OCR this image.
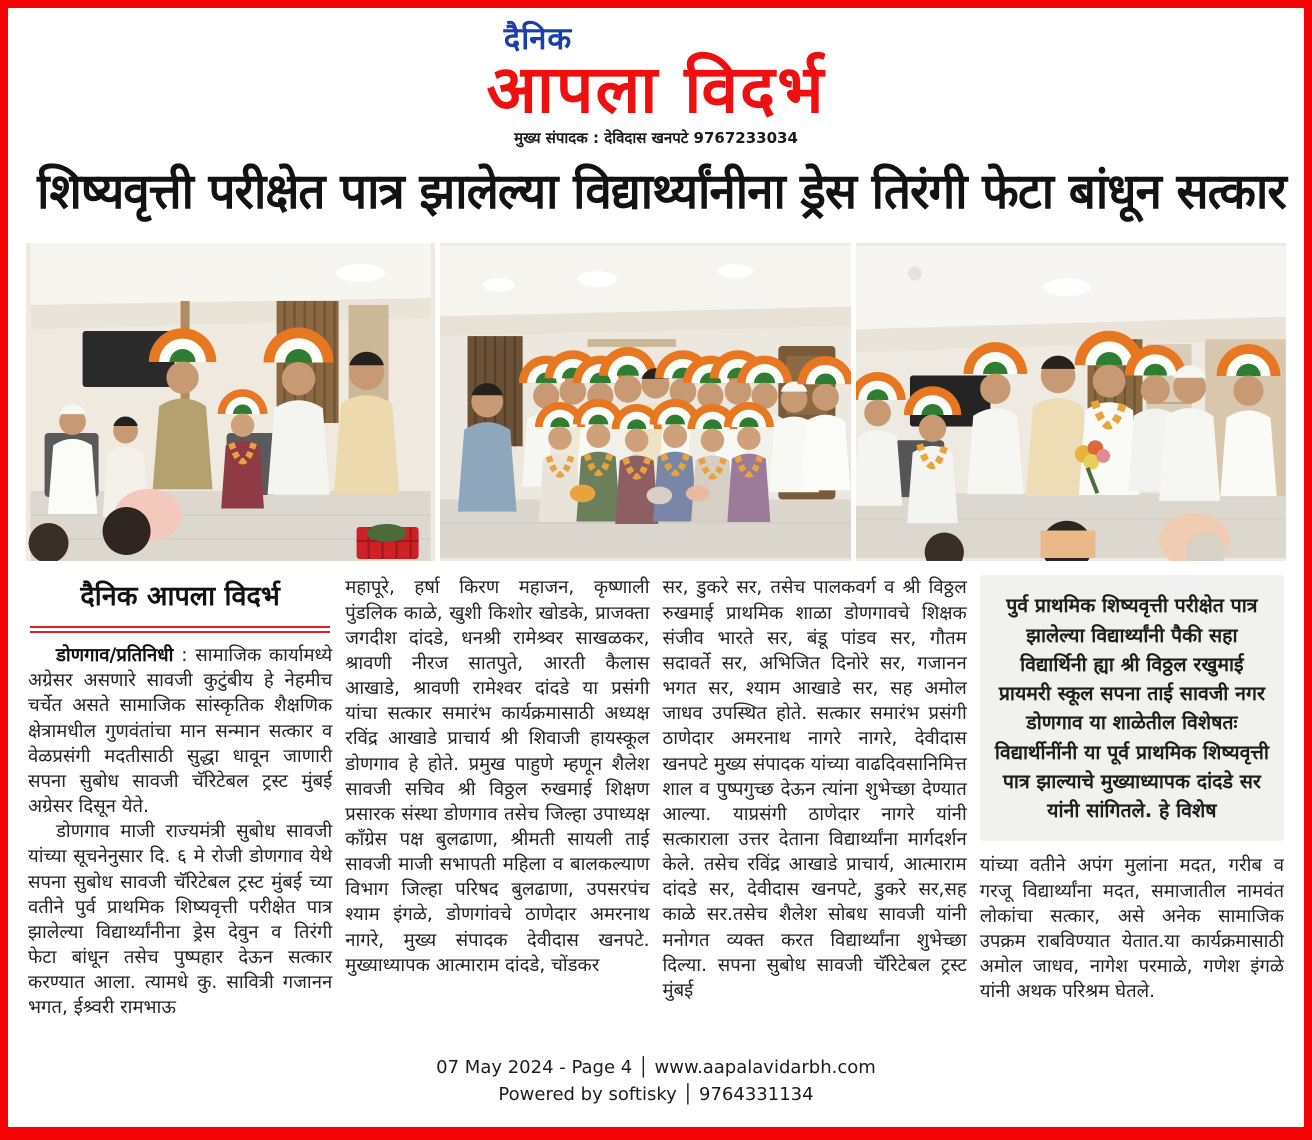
दैनिक
आपला विदर्भ
मुख्य संपादक : देविदास खनपटे 9767233034
शिष्यवृत्ती परीक्षेत पात्र झालेल्या विद्यार्थ्यांनीना ड्रेस तिरंगी फेटा बांधून सत्कार
दैनिक आपला विदर्भ
डोणगाव/प्रतिनिधी : सामाजिक कार्यामध्ये अग्रेसर असणारे सावजी कुटुंबीय हे नेहमीच चर्चेत असते सामाजिक सांस्कृतिक शैक्षणिक क्षेत्रामधील गुणवंतांचा मान सन्मान सत्कार व वेळप्रसंगी मदतीसाठी सुद्धा धावून जाणारी सपना सुबोध सावजी चॅरिटेबल ट्रस्ट मुंबई अग्रेसर दिसून येते.
डोणगाव माजी राज्यमंत्री सुबोध सावजी यांच्या सूचनेनुसार दि. ६ मे रोजी डोणगाव येथे सपना सुबोध सावजी चॅरिटेबल ट्रस्ट मुंबई च्या वतीने पुर्व प्राथमिक शिष्यवृत्ती परीक्षेत पात्र झालेल्या विद्यार्थ्यांनीना ड्रेस देवुन व तिरंगी फेटा बांधून तसेच पुष्पहार देऊन सत्कार करण्यात आला. त्यामधे कु. सावित्री गजानन भगत, ईश्र्वरी रामभाऊ
महापूरे, हर्षा किरण महाजन, कृष्णाली पुंडलिक काळे, खुशी किशोर खोडके, प्राजक्ता जगदीश दांदडे, धनश्री रामेश्र्वर साखळकर, श्रावणी नीरज सातपुते, आरती कैलास आखाडे, श्रावणी रामेश्वर दांदडे या प्रसंगी यांचा सत्कार समारंभ कार्यक्रमासाठी अध्यक्ष रविंद्र आखाडे प्राचार्य श्री शिवाजी हायस्कूल डोणगाव हे होते. प्रमुख पाहुणे म्हणून शैलेश सावजी सचिव श्री विठ्ठल रुखमाई शिक्षण प्रसारक संस्था डोणगाव तसेच जिल्हा उपाध्यक्ष काँग्रेस पक्ष बुलढाणा, श्रीमती सायली ताई सावजी माजी सभापती महिला व बालकल्याण विभाग जिल्हा परिषद बुलढाणा, उपसरपंच श्याम इंगळे, डोणगांवचे ठाणेदार अमरनाथ नागरे, मुख्य संपादक देवीदास खनपटे. मुख्याध्यापक आत्माराम दांदडे, चोंडकर
सर, डुकरे सर, तसेच पालकवर्ग व श्री विठ्ठल रुखमाई प्राथमिक शाळा डोणगावचे शिक्षक संजीव भारते सर, बंडू पांडव सर, गौतम सदावर्ते सर, अभिजित दिनोरे सर, गजानन भगत सर, श्याम आखाडे सर, सह अमोल जाधव उपस्थित होते. सत्कार समारंभ प्रसंगी ठाणेदार अमरनाथ नागरे नागरे, देवीदास खनपटे मुख्य संपादक यांच्या वाढदिवसानिमित्त शाल व पुष्पगुच्छ देऊन त्यांना शुभेच्छा देण्यात आल्या. याप्रसंगी ठाणेदार नागरे यांनी सत्काराला उत्तर देताना विद्यार्थ्यांना मार्गदर्शन केले. तसेच रविंद्र आखाडे प्राचार्य, आत्माराम दांदडे सर, देवीदास खनपटे, डुकरे सर,सह काळे सर.तसेच शैलेश सोबध सावजी यांनी मनोगत व्यक्त करत विद्यार्थ्यांना शुभेच्छा दिल्या. सपना सुबोध सावजी चॅरिटेबल ट्रस्ट मुंबई
पुर्व प्राथमिक शिष्यवृत्ती परीक्षेत पात्र झालेल्या विद्यार्थ्यांनी पैकी सहा विद्यार्थिनी ह्या श्री विठ्ठल रखुमाई प्रायमरी स्कूल सपना ताई सावजी नगर डोणगाव या शाळेतील विशेषतः विद्यार्थीनींनी या पूर्व प्राथमिक शिष्यवृत्ती पात्र झाल्याचे मुख्याध्यापक दांदडे सर यांनी सांगितले. हे विशेष
यांच्या वतीने अपंग मुलांना मदत, गरीब व गरजू विद्यार्थ्यांना मदत, समाजातील नामवंत लोकांचा सत्कार, असे अनेक सामाजिक उपक्रम राबविण्यात येतात.या कार्यक्रमासाठी अमोल जाधव, नागेश परमाळे, गणेश इंगळे यांनी अथक परिश्रम घेतले.
07 May 2024 - Page 4 │ www.aapalavidarbh.com
Powered by softisky │ 9764331134
